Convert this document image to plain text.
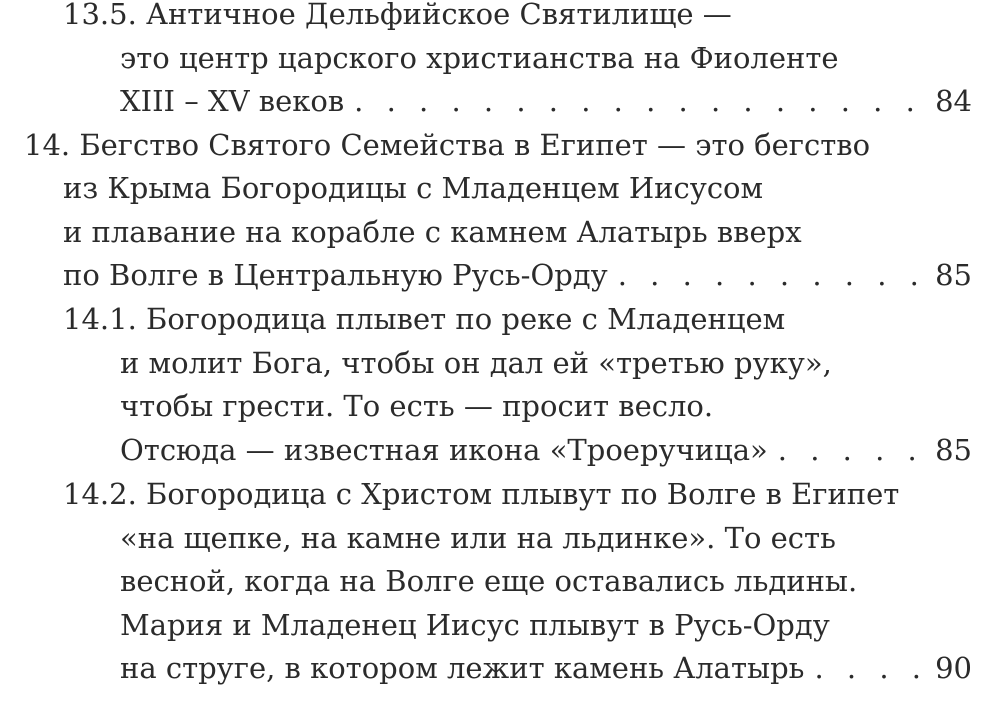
13.5. Античное Дельфийское Святилище —
это центр царского христианства на Фиоленте
XIII – XV веков . . .	84
14. Бегство Святого Семейства в Египет — это бегство
из Крыма Богородицы с Младенцем Иисусом
и плавание на корабле с камнем Алатырь вверх
по Волге в Центральную Русь-Орду . . .	85
14.1. Богородица плывет по реке с Младенцем
и молит Бога, чтобы он дал ей «третью руку»,
чтобы грести. То есть — просит весло.
Отсюда — известная икона «Троеручица» . . .	85
14.2. Богородица с Христом плывут по Волге в Египет
«на щепке, на камне или на льдинке». То есть
весной, когда на Волге еще оставались льдины.
Мария и Младенец Иисус плывут в Русь-Орду
на струге, в котором лежит камень Алатырь . . .	90
